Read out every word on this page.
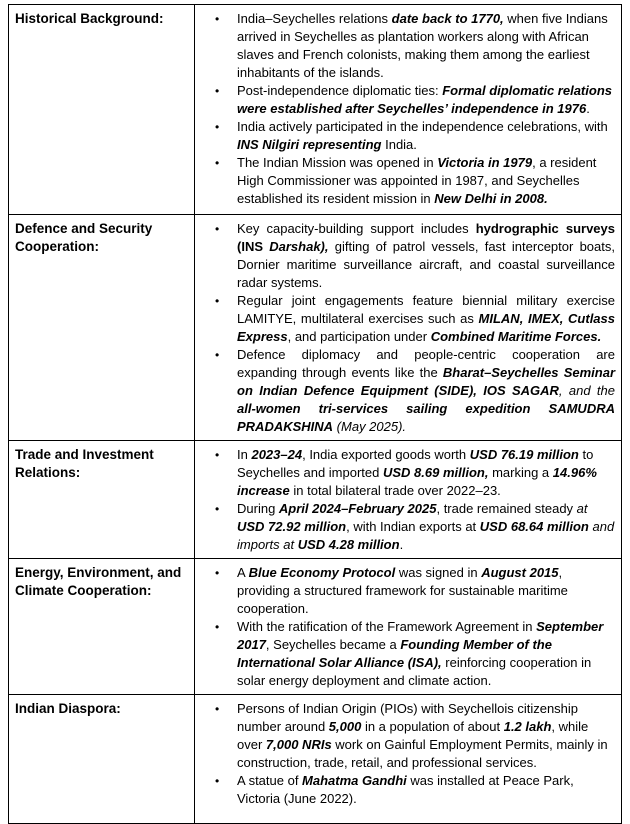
Historical Background:	•	India–Seychelles relations date back to 1770, when five Indians arrived in Seychelles as plantation workers along with African slaves and French colonists, making them among the earliest inhabitants of the islands.
•	Post-independence diplomatic ties: Formal diplomatic relations were established after Seychelles’ independence in 1976.
•	India actively participated in the independence celebrations, with INS Nilgiri representing India.
•	The Indian Mission was opened in Victoria in 1979, a resident High Commissioner was appointed in 1987, and Seychelles established its resident mission in New Delhi in 2008.

Defence and Security Cooperation:	
•	Key capacity-building support includes hydrographic surveys (INS Darshak), gifting of patrol vessels, fast interceptor boats, Dornier maritime surveillance aircraft, and coastal surveillance radar systems.
•	Regular joint engagements feature biennial military exercise LAMITYE, multilateral exercises such as MILAN, IMEX, Cutlass Express, and participation under Combined Maritime Forces.
•	Defence diplomacy and people-centric cooperation are expanding through events like the Bharat–Seychelles Seminar on Indian Defence Equipment (SIDE), IOS SAGAR, and the all-women tri-services sailing expedition SAMUDRA PRADAKSHINA (May 2025).

Trade and Investment Relations:	• In 2023–24, India exported goods worth USD 76.19 million to Seychelles and imported USD 8.69 million, marking a 14.96% increase in total bilateral trade over 2022–23.
• During April 2024–February 2025, trade remained steady at USD 72.92 million, with Indian exports at USD 68.64 million and imports at USD 4.28 million.

Energy, Environment, and Climate Cooperation:	• A Blue Economy Protocol was signed in August 2015, providing a structured framework for sustainable maritime cooperation.
• With the ratification of the Framework Agreement in September 2017, Seychelles became a Founding Member of the International Solar Alliance (ISA), reinforcing cooperation in solar energy deployment and climate action.

Indian Diaspora:	• Persons of Indian Origin (PIOs) with Seychellois citizenship number around 5,000 in a population of about 1.2 lakh, while over 7,000 NRIs work on Gainful Employment Permits, mainly in construction, trade, retail, and professional services.
• A statue of Mahatma Gandhi was installed at Peace Park, Victoria (June 2022).
